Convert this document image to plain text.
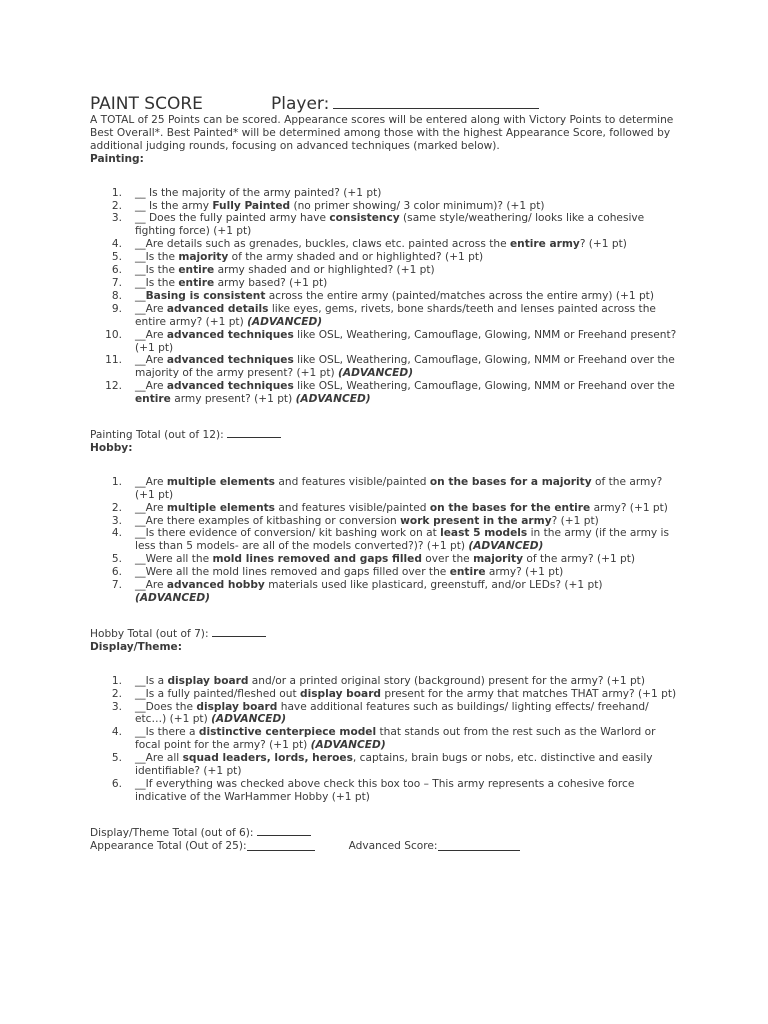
PAINT SCORE	Player:

A TOTAL of 25 Points can be scored. Appearance scores will be entered along with Victory Points to determine Best Overall*. Best Painted* will be determined among those with the highest Appearance Score, followed by additional judging rounds, focusing on advanced techniques (marked below).

Painting:

1. __ Is the majority of the army painted? (+1 pt)
2. __ Is the army Fully Painted (no primer showing/ 3 color minimum)? (+1 pt)
3. __ Does the fully painted army have consistency (same style/weathering/ looks like a cohesive fighting force) (+1 pt)
4. __Are details such as grenades, buckles, claws etc. painted across the entire army? (+1 pt)
5. __Is the majority of the army shaded and or highlighted? (+1 pt)
6. __Is the entire army shaded and or highlighted? (+1 pt)
7. __Is the entire army based? (+1 pt)
8. __Basing is consistent across the entire army (painted/matches across the entire army) (+1 pt)
9. __Are advanced details like eyes, gems, rivets, bone shards/teeth and lenses painted across the entire army? (+1 pt) (ADVANCED)
10. __Are advanced techniques like OSL, Weathering, Camouflage, Glowing, NMM or Freehand present? (+1 pt)
11. __Are advanced techniques like OSL, Weathering, Camouflage, Glowing, NMM or Freehand over the majority of the army present? (+1 pt) (ADVANCED)
12. __Are advanced techniques like OSL, Weathering, Camouflage, Glowing, NMM or Freehand over the entire army present? (+1 pt) (ADVANCED)
Painting Total (out of 12):

Hobby:

1. __Are multiple elements and features visible/painted on the bases for a majority of the army? (+1 pt)
2. __Are multiple elements and features visible/painted on the bases for the entire army? (+1 pt)
3. __Are there examples of kitbashing or conversion work present in the army? (+1 pt)
4. __Is there evidence of conversion/ kit bashing work on at least 5 models in the army (if the army is less than 5 models- are all of the models converted?)? (+1 pt) (ADVANCED)
5. __Were all the mold lines removed and gaps filled over the majority of the army? (+1 pt)
6. __Were all the mold lines removed and gaps filled over the entire army? (+1 pt)
7. __Are advanced hobby materials used like plasticard, greenstuff, and/or LEDs? (+1 pt) (ADVANCED)
Hobby Total (out of 7):

Display/Theme:

1. __Is a display board and/or a printed original story (background) present for the army? (+1 pt)
2. __Is a fully painted/fleshed out display board present for the army that matches THAT army? (+1 pt)
3. __Does the display board have additional features such as buildings/ lighting effects/ freehand/ etc…) (+1 pt) (ADVANCED)
4. __Is there a distinctive centerpiece model that stands out from the rest such as the Warlord or focal point for the army? (+1 pt) (ADVANCED)
5. __Are all squad leaders, lords, heroes, captains, brain bugs or nobs, etc. distinctive and easily identifiable? (+1 pt)
6. __If everything was checked above check this box too – This army represents a cohesive force indicative of the WarHammer Hobby (+1 pt)
Display/Theme Total (out of 6):
Appearance Total (Out of 25):	Advanced Score:
